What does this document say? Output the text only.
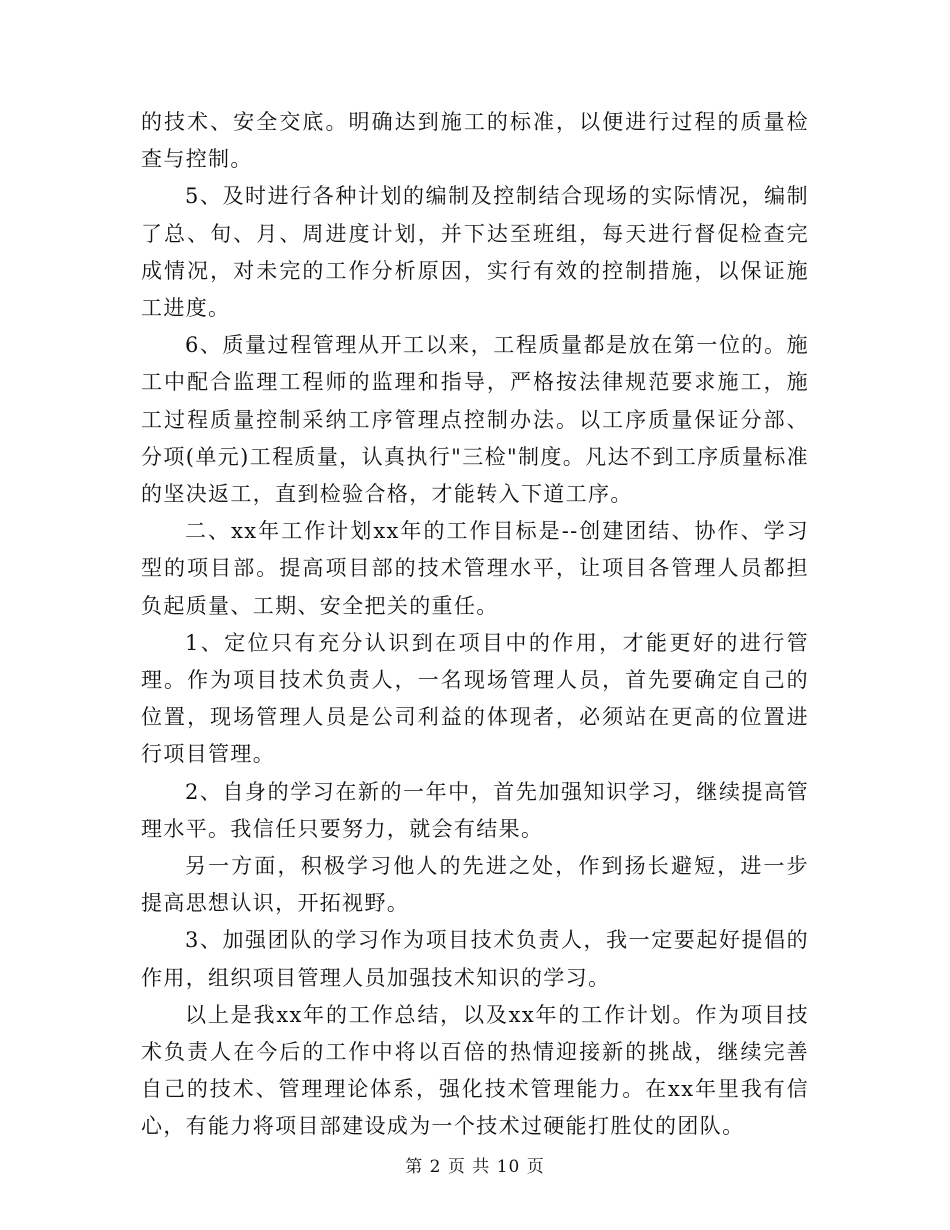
的技术、安全交底。明确达到施工的标准，以便进行过程的质量检查与控制。

5、及时进行各种计划的编制及控制结合现场的实际情况，编制了总、旬、月、周进度计划，并下达至班组，每天进行督促检查完成情况，对未完的工作分析原因，实行有效的控制措施，以保证施工进度。

6、质量过程管理从开工以来，工程质量都是放在第一位的。施工中配合监理工程师的监理和指导，严格按法律规范要求施工，施工过程质量控制采纳工序管理点控制办法。以工序质量保证分部、分项(单元)工程质量，认真执行"三检"制度。凡达不到工序质量标准的坚决返工，直到检验合格，才能转入下道工序。

二、xx年工作计划xx年的工作目标是--创建团结、协作、学习型的项目部。提高项目部的技术管理水平，让项目各管理人员都担负起质量、工期、安全把关的重任。

1、定位只有充分认识到在项目中的作用，才能更好的进行管理。作为项目技术负责人，一名现场管理人员，首先要确定自己的位置，现场管理人员是公司利益的体现者，必须站在更高的位置进行项目管理。

2、自身的学习在新的一年中，首先加强知识学习，继续提高管理水平。我信任只要努力，就会有结果。

另一方面，积极学习他人的先进之处，作到扬长避短，进一步提高思想认识，开拓视野。

3、加强团队的学习作为项目技术负责人，我一定要起好提倡的作用，组织项目管理人员加强技术知识的学习。

以上是我xx年的工作总结，以及xx年的工作计划。作为项目技术负责人在今后的工作中将以百倍的热情迎接新的挑战，继续完善自己的技术、管理理论体系，强化技术管理能力。在xx年里我有信心，有能力将项目部建设成为一个技术过硬能打胜仗的团队。

第 2 页 共 10 页
